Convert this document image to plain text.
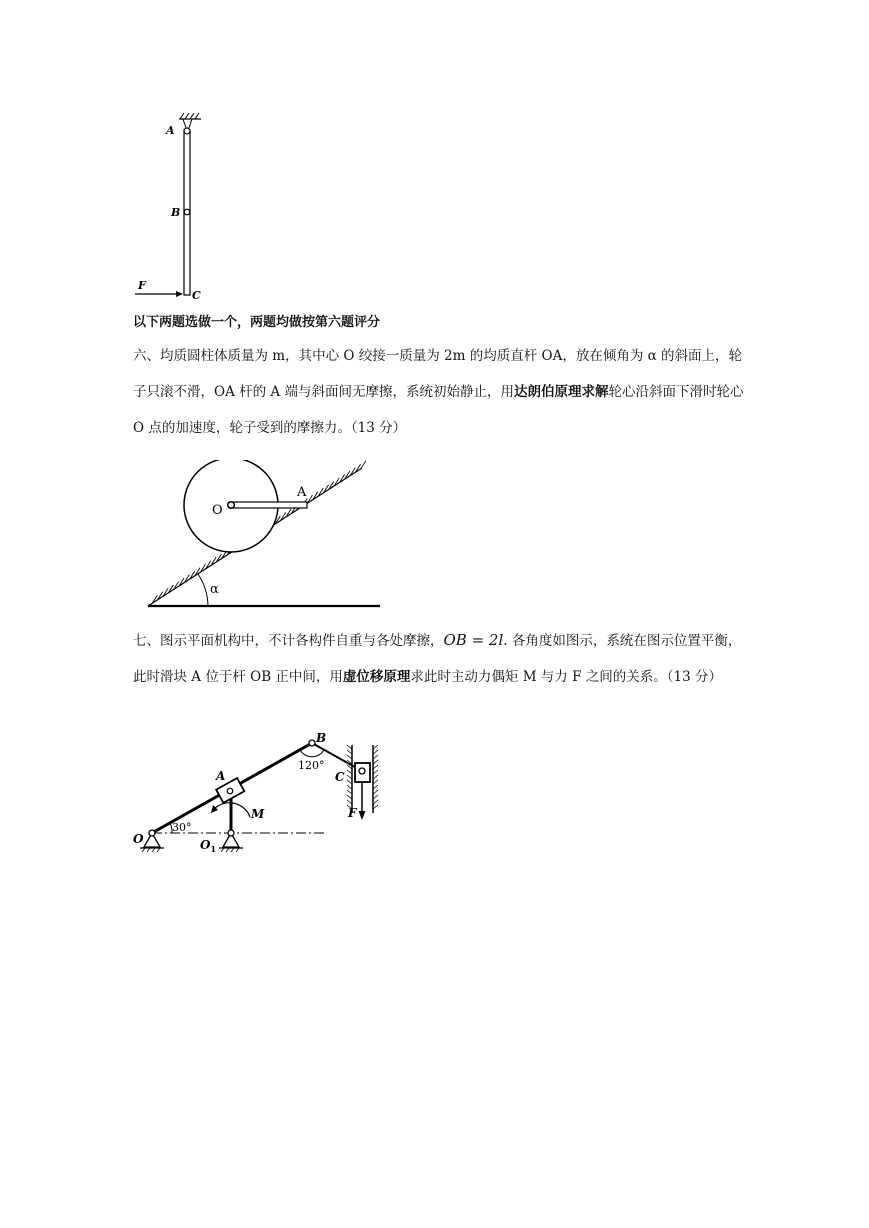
A
B
C
F
以下两题选做一个，两题均做按第六题评分
六、均质圆柱体质量为 m，其中心 O 绞接一质量为 2m 的均质直杆 OA，放在倾角为 α 的斜面上，轮子只滚不滑，OA 杆的 A 端与斜面间无摩擦，系统初始静止，用达朗伯原理求解轮心沿斜面下滑时轮心 O 点的加速度，轮子受到的摩擦力。（13 分）
O
A
α
七、图示平面机构中，不计各构件自重与各处摩擦，OB = 2l. 各角度如图示，系统在图示位置平衡，此时滑块 A 位于杆 OB 正中间，用虚位移原理求此时主动力偶矩 M 与力 F 之间的关系。（13 分）
O	$O_1$
A
B
C
M	F
30°
120°
